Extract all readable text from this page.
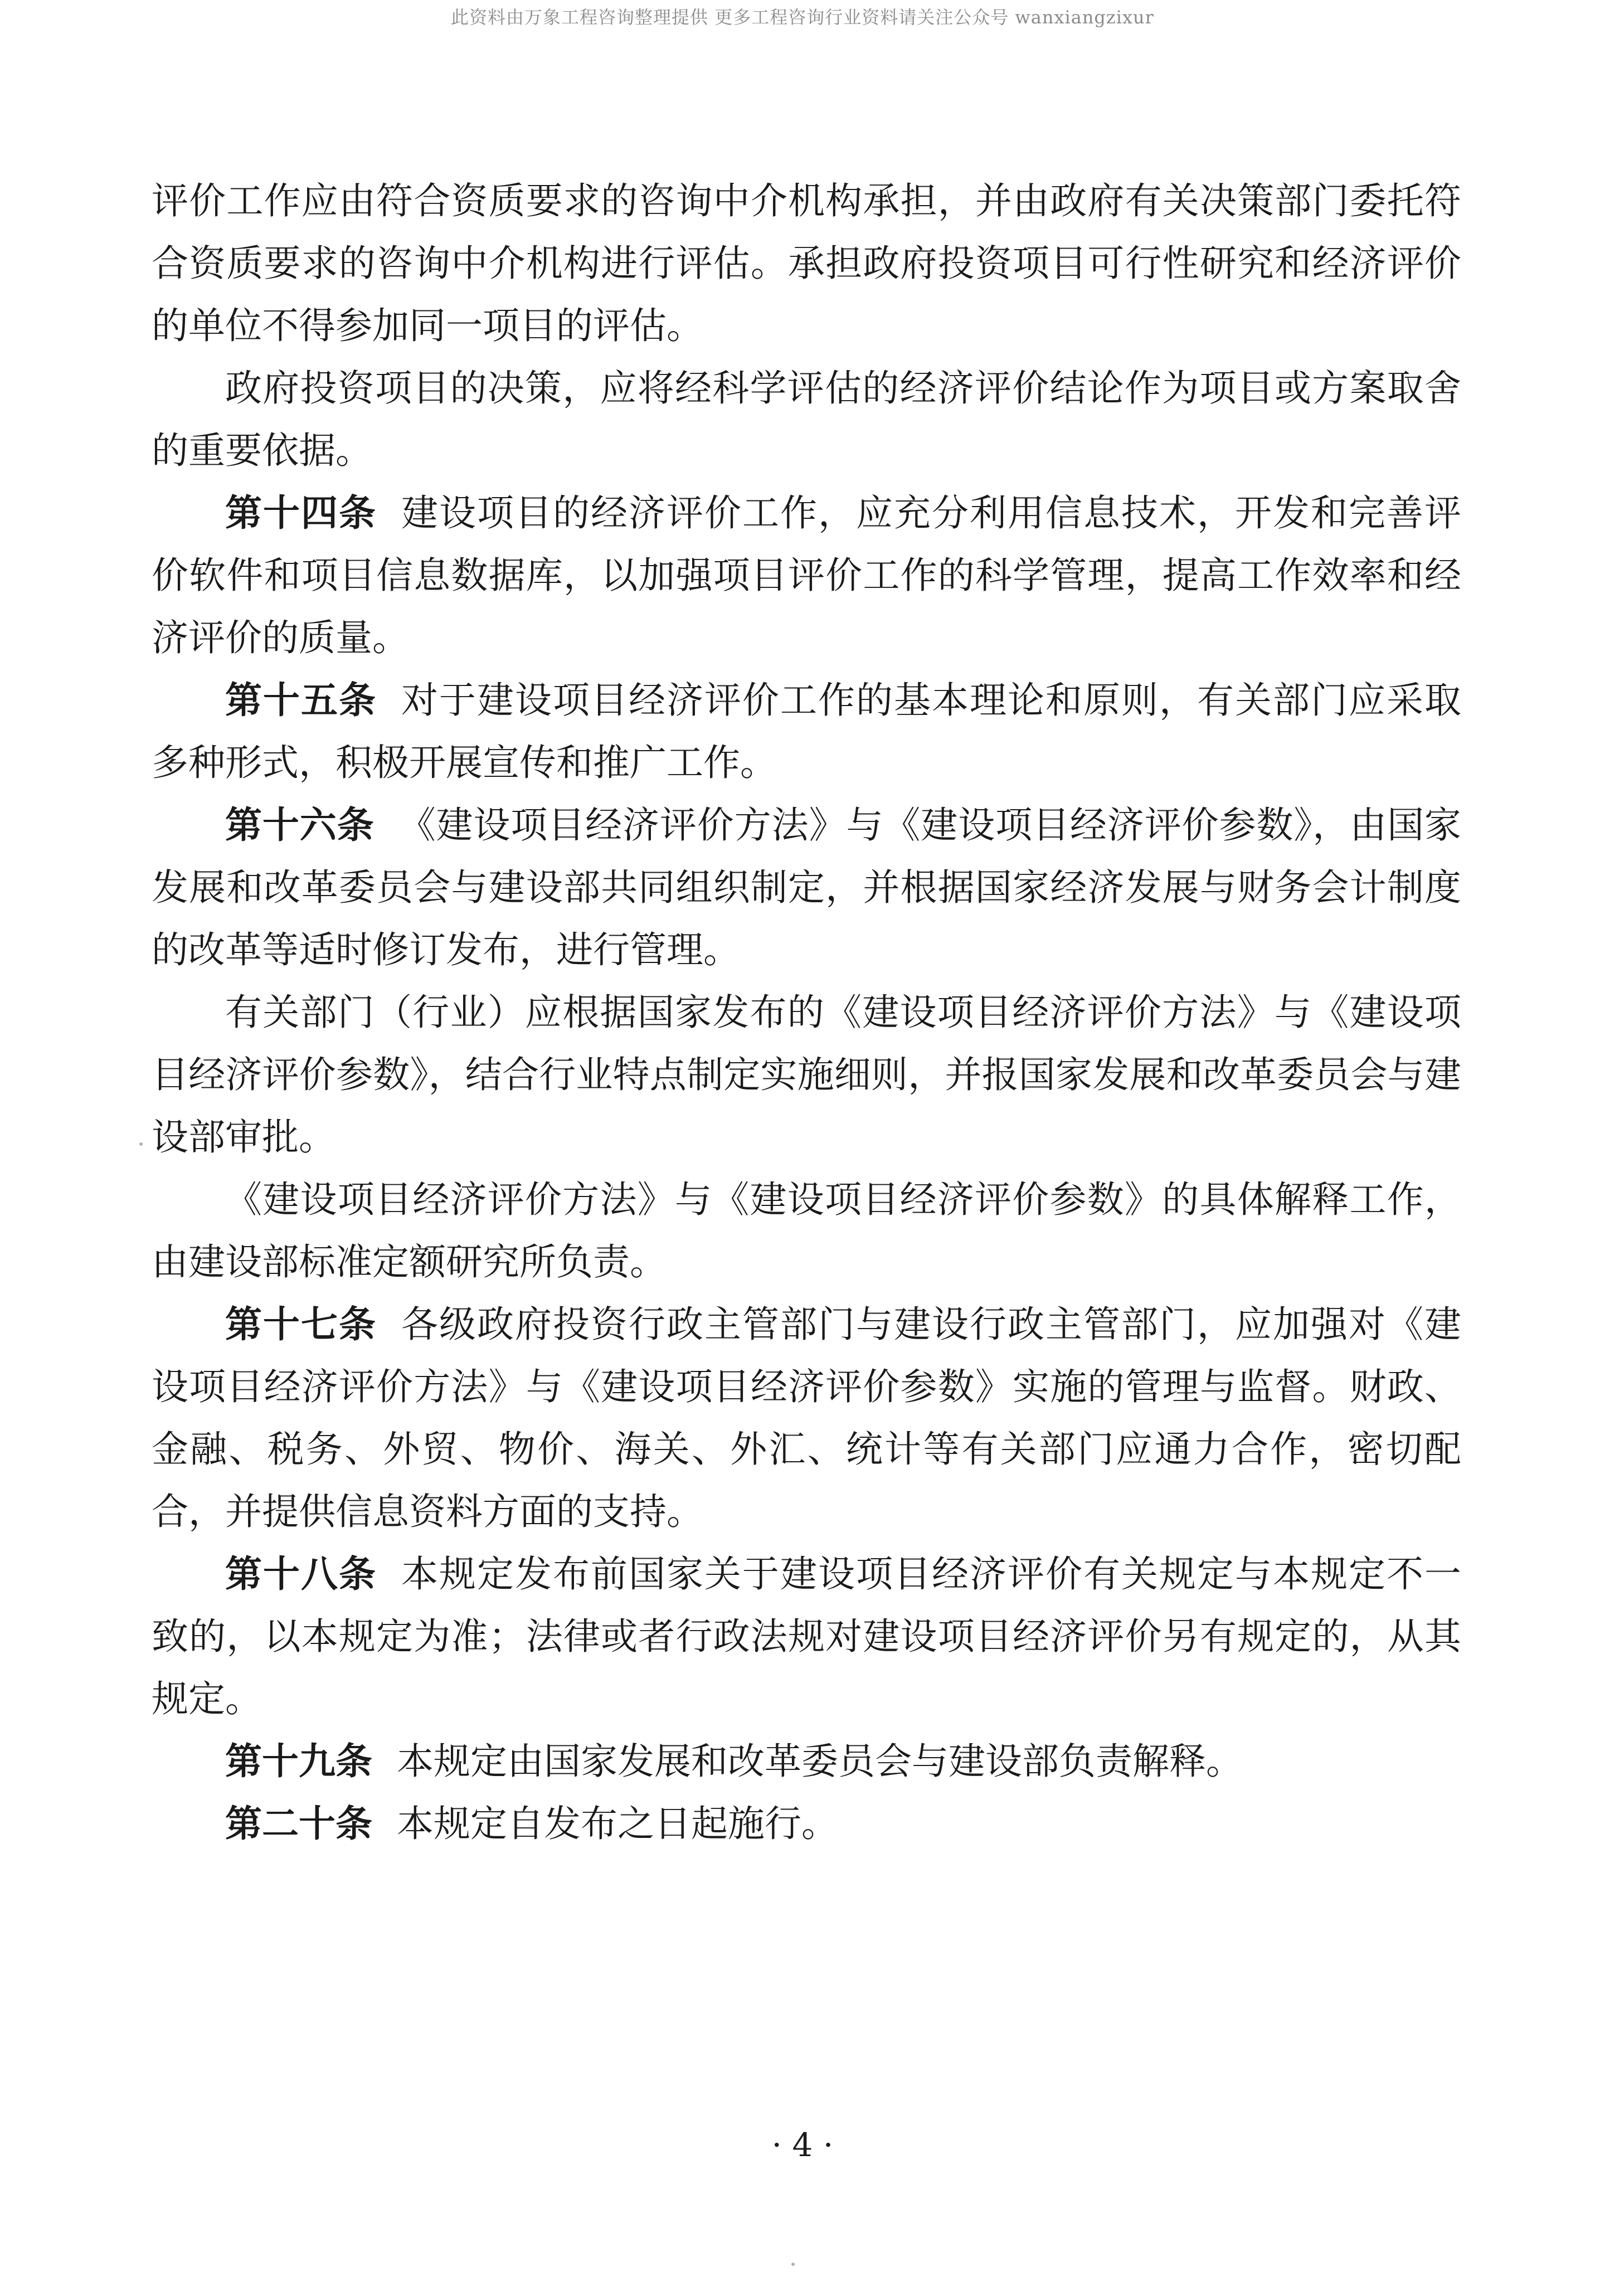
此资料由万象工程咨询整理提供 更多工程咨询行业资料请关注公众号 wanxiangzixur

评价工作应由符合资质要求的咨询中介机构承担，并由政府有关决策部门委托符合资质要求的咨询中介机构进行评估。承担政府投资项目可行性研究和经济评价的单位不得参加同一项目的评估。

政府投资项目的决策，应将经科学评估的经济评价结论作为项目或方案取舍的重要依据。

第十四条 建设项目的经济评价工作，应充分利用信息技术，开发和完善评价软件和项目信息数据库，以加强项目评价工作的科学管理，提高工作效率和经济评价的质量。

第十五条 对于建设项目经济评价工作的基本理论和原则，有关部门应采取多种形式，积极开展宣传和推广工作。

第十六条 《建设项目经济评价方法》与《建设项目经济评价参数》，由国家发展和改革委员会与建设部共同组织制定，并根据国家经济发展与财务会计制度的改革等适时修订发布，进行管理。

有关部门（行业）应根据国家发布的《建设项目经济评价方法》与《建设项目经济评价参数》，结合行业特点制定实施细则，并报国家发展和改革委员会与建设部审批。

《建设项目经济评价方法》与《建设项目经济评价参数》的具体解释工作，由建设部标准定额研究所负责。

第十七条 各级政府投资行政主管部门与建设行政主管部门，应加强对《建设项目经济评价方法》与《建设项目经济评价参数》实施的管理与监督。财政、金融、税务、外贸、物价、海关、外汇、统计等有关部门应通力合作，密切配合，并提供信息资料方面的支持。

第十八条 本规定发布前国家关于建设项目经济评价有关规定与本规定不一致的，以本规定为准；法律或者行政法规对建设项目经济评价另有规定的，从其规定。

第十九条 本规定由国家发展和改革委员会与建设部负责解释。

第二十条 本规定自发布之日起施行。

· 4 ·
